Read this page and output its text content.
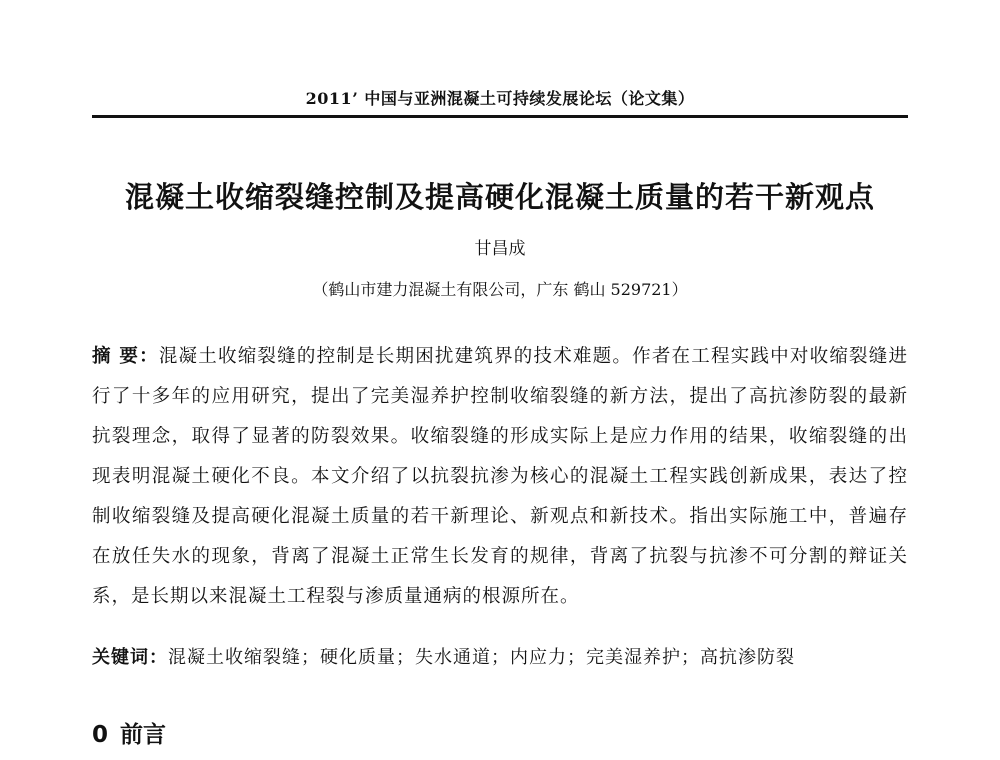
2011’ 中国与亚洲混凝土可持续发展论坛（论文集）
混凝土收缩裂缝控制及提高硬化混凝土质量的若干新观点
甘昌成
（鹤山市建力混凝土有限公司，广东 鹤山 529721）

摘 要：混凝土收缩裂缝的控制是长期困扰建筑界的技术难题。作者在工程实践中对收缩裂缝进行了十多年的应用研究，提出了完美湿养护控制收缩裂缝的新方法，提出了高抗渗防裂的最新抗裂理念，取得了显著的防裂效果。收缩裂缝的形成实际上是应力作用的结果，收缩裂缝的出现表明混凝土硬化不良。本文介绍了以抗裂抗渗为核心的混凝土工程实践创新成果，表达了控制收缩裂缝及提高硬化混凝土质量的若干新理论、新观点和新技术。指出实际施工中，普遍存在放任失水的现象，背离了混凝土正常生长发育的规律，背离了抗裂与抗渗不可分割的辩证关系，是长期以来混凝土工程裂与渗质量通病的根源所在。

关键词：混凝土收缩裂缝；硬化质量；失水通道；内应力；完美湿养护；高抗渗防裂

0 前言
